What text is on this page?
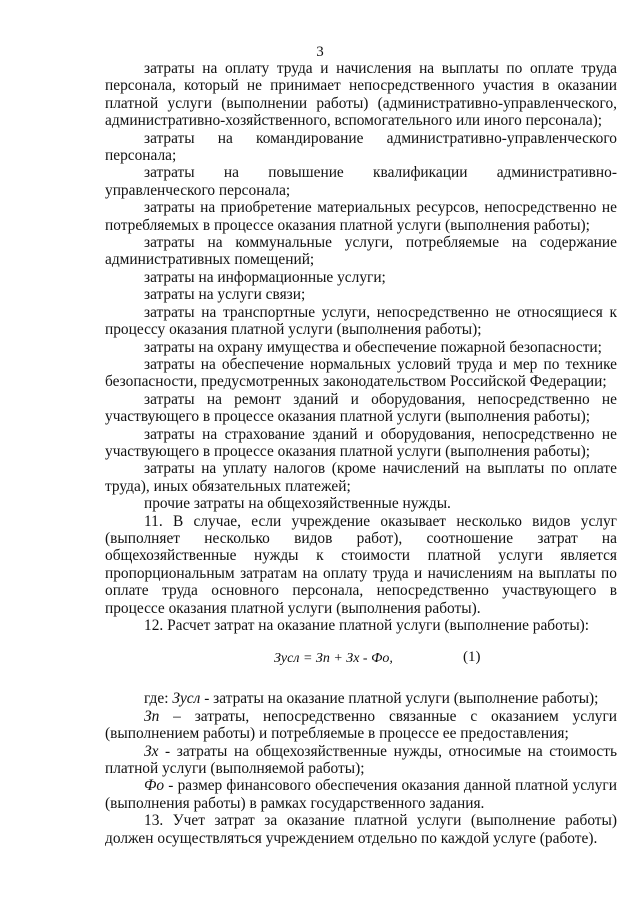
3

затраты на оплату труда и начисления на выплаты по оплате труда персонала, который не принимает непосредственного участия в оказании платной услуги (выполнении работы) (административно-управленческого, административно-хозяйственного, вспомогательного или иного персонала);

затраты на командирование административно-управленческого персонала;

затраты на повышение квалификации административно-управленческого персонала;

затраты на приобретение материальных ресурсов, непосредственно не потребляемых в процессе оказания платной услуги (выполнения работы);

затраты на коммунальные услуги, потребляемые на содержание административных помещений;

затраты на информационные услуги;

затраты на услуги связи;

затраты на транспортные услуги, непосредственно не относящиеся к процессу оказания платной услуги (выполнения работы);

затраты на охрану имущества и обеспечение пожарной безопасности;

затраты на обеспечение нормальных условий труда и мер по технике безопасности, предусмотренных законодательством Российской Федерации;

затраты на ремонт зданий и оборудования, непосредственно не участвующего в процессе оказания платной услуги (выполнения работы);

затраты на страхование зданий и оборудования, непосредственно не участвующего в процессе оказания платной услуги (выполнения работы);

затраты на уплату налогов (кроме начислений на выплаты по оплате труда), иных обязательных платежей;

прочие затраты на общехозяйственные нужды.

11. В случае, если учреждение оказывает несколько видов услуг (выполняет несколько видов работ), соотношение затрат на общехозяйственные нужды к стоимости платной услуги является пропорциональным затратам на оплату труда и начислениям на выплаты по оплате труда основного персонала, непосредственно участвующего в процессе оказания платной услуги (выполнения работы).

12. Расчет затрат на оказание платной услуги (выполнение работы):

Зусл = Зп + Зх - Фо,	(1)

где: Зусл - затраты на оказание платной услуги (выполнение работы);

Зп – затраты, непосредственно связанные с оказанием услуги (выполнением работы) и потребляемые в процессе ее предоставления;

Зх - затраты на общехозяйственные нужды, относимые на стоимость платной услуги (выполняемой работы);

Фо - размер финансового обеспечения оказания данной платной услуги (выполнения работы) в рамках государственного задания.

13. Учет затрат за оказание платной услуги (выполнение работы) должен осуществляться учреждением отдельно по каждой услуге (работе).
